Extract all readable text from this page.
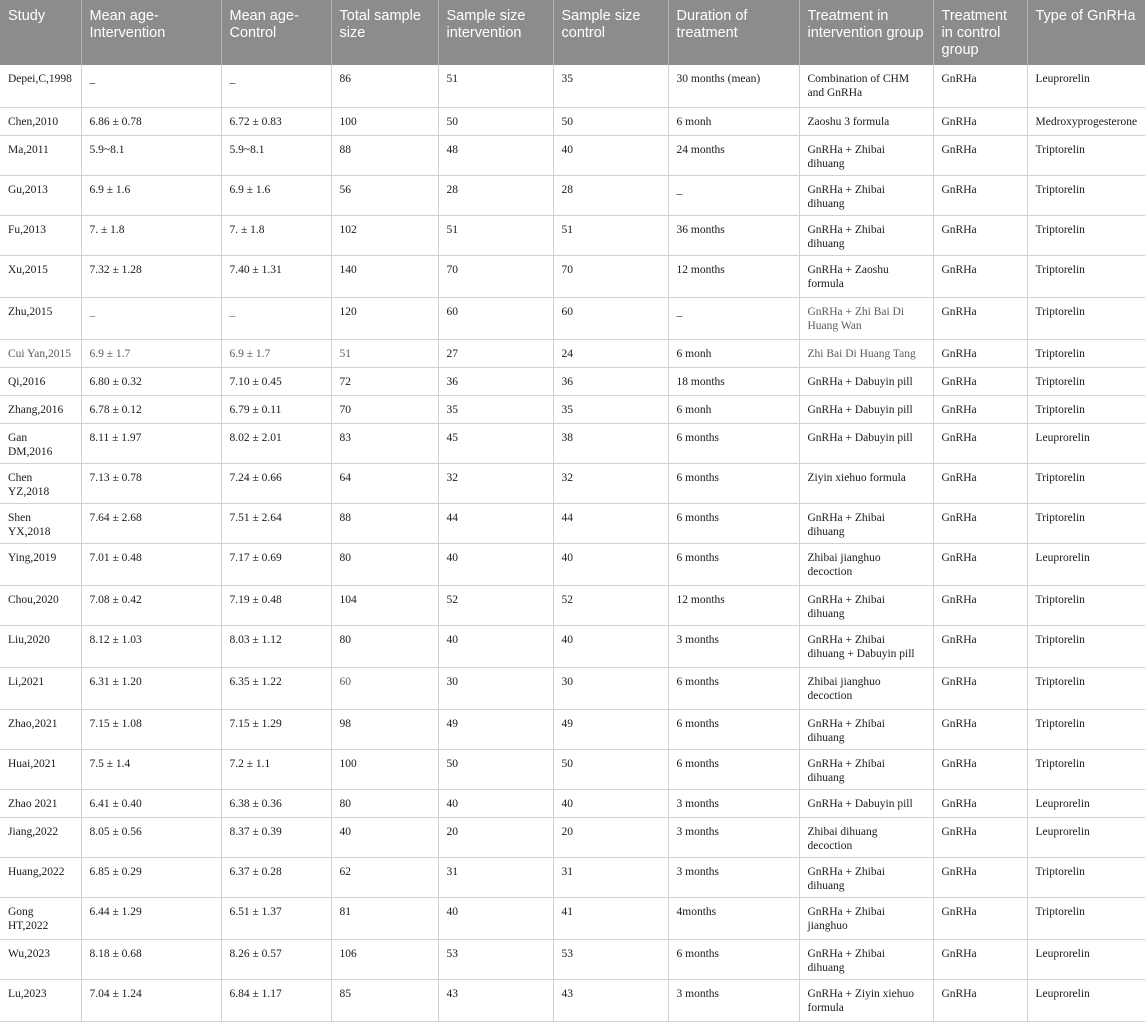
Study	Mean age-Intervention	Mean age-Control	Total sample size	Sample size intervention	Sample size control	Duration of treatment	Treatment in intervention group	Treatment in control group	Type of GnRHa
Depei,C,1998	_	_	86	51	35	30 months (mean)	Combination of CHM and GnRHa	GnRHa	Leuprorelin
Chen,2010	6.86 ± 0.78	6.72 ± 0.83	100	50	50	6 monh	Zaoshu 3 formula	GnRHa	Medroxyprogesterone
Ma,2011	5.9~8.1	5.9~8.1	88	48	40	24 months	GnRHa + Zhibai dihuang	GnRHa	Triptorelin
Gu,2013	6.9 ± 1.6	6.9 ± 1.6	56	28	28	_	GnRHa + Zhibai dihuang	GnRHa	Triptorelin
Fu,2013	7. ± 1.8	7. ± 1.8	102	51	51	36 months	GnRHa + Zhibai dihuang	GnRHa	Triptorelin
Xu,2015	7.32 ± 1.28	7.40 ± 1.31	140	70	70	12 months	GnRHa + Zaoshu formula	GnRHa	Triptorelin
Zhu,2015	_	_	120	60	60	_	GnRHa + Zhi Bai Di Huang Wan	GnRHa	Triptorelin
Cui Yan,2015	6.9 ± 1.7	6.9 ± 1.7	51	27	24	6 monh	Zhi Bai Di Huang Tang	GnRHa	Triptorelin
Qi,2016	6.80 ± 0.32	7.10 ± 0.45	72	36	36	18 months	GnRHa + Dabuyin pill	GnRHa	Triptorelin
Zhang,2016	6.78 ± 0.12	6.79 ± 0.11	70	35	35	6 monh	GnRHa + Dabuyin pill	GnRHa	Triptorelin
Gan DM,2016	8.11 ± 1.97	8.02 ± 2.01	83	45	38	6 months	GnRHa + Dabuyin pill	GnRHa	Leuprorelin
Chen YZ,2018	7.13 ± 0.78	7.24 ± 0.66	64	32	32	6 months	Ziyin xiehuo formula	GnRHa	Triptorelin
Shen YX,2018	7.64 ± 2.68	7.51 ± 2.64	88	44	44	6 months	GnRHa + Zhibai dihuang	GnRHa	Triptorelin
Ying,2019	7.01 ± 0.48	7.17 ± 0.69	80	40	40	6 months	Zhibai jianghuo decoction	GnRHa	Leuprorelin
Chou,2020	7.08 ± 0.42	7.19 ± 0.48	104	52	52	12 months	GnRHa + Zhibai dihuang	GnRHa	Triptorelin
Liu,2020	8.12 ± 1.03	8.03 ± 1.12	80	40	40	3 months	GnRHa + Zhibai dihuang + Dabuyin pill	GnRHa	Triptorelin
Li,2021	6.31 ± 1.20	6.35 ± 1.22	60	30	30	6 months	Zhibai jianghuo decoction	GnRHa	Triptorelin
Zhao,2021	7.15 ± 1.08	7.15 ± 1.29	98	49	49	6 months	GnRHa + Zhibai dihuang	GnRHa	Triptorelin
Huai,2021	7.5 ± 1.4	7.2 ± 1.1	100	50	50	6 months	GnRHa + Zhibai dihuang	GnRHa	Triptorelin
Zhao 2021	6.41 ± 0.40	6.38 ± 0.36	80	40	40	3 months	GnRHa + Dabuyin pill	GnRHa	Leuprorelin
Jiang,2022	8.05 ± 0.56	8.37 ± 0.39	40	20	20	3 months	Zhibai dihuang decoction	GnRHa	Leuprorelin
Huang,2022	6.85 ± 0.29	6.37 ± 0.28	62	31	31	3 months	GnRHa + Zhibai dihuang	GnRHa	Triptorelin
Gong HT,2022	6.44 ± 1.29	6.51 ± 1.37	81	40	41	4months	GnRHa + Zhibai jianghuo	GnRHa	Triptorelin
Wu,2023	8.18 ± 0.68	8.26 ± 0.57	106	53	53	6 months	GnRHa + Zhibai dihuang	GnRHa	Leuprorelin
Lu,2023	7.04 ± 1.24	6.84 ± 1.17	85	43	43	3 months	GnRHa + Ziyin xiehuo formula	GnRHa	Leuprorelin
